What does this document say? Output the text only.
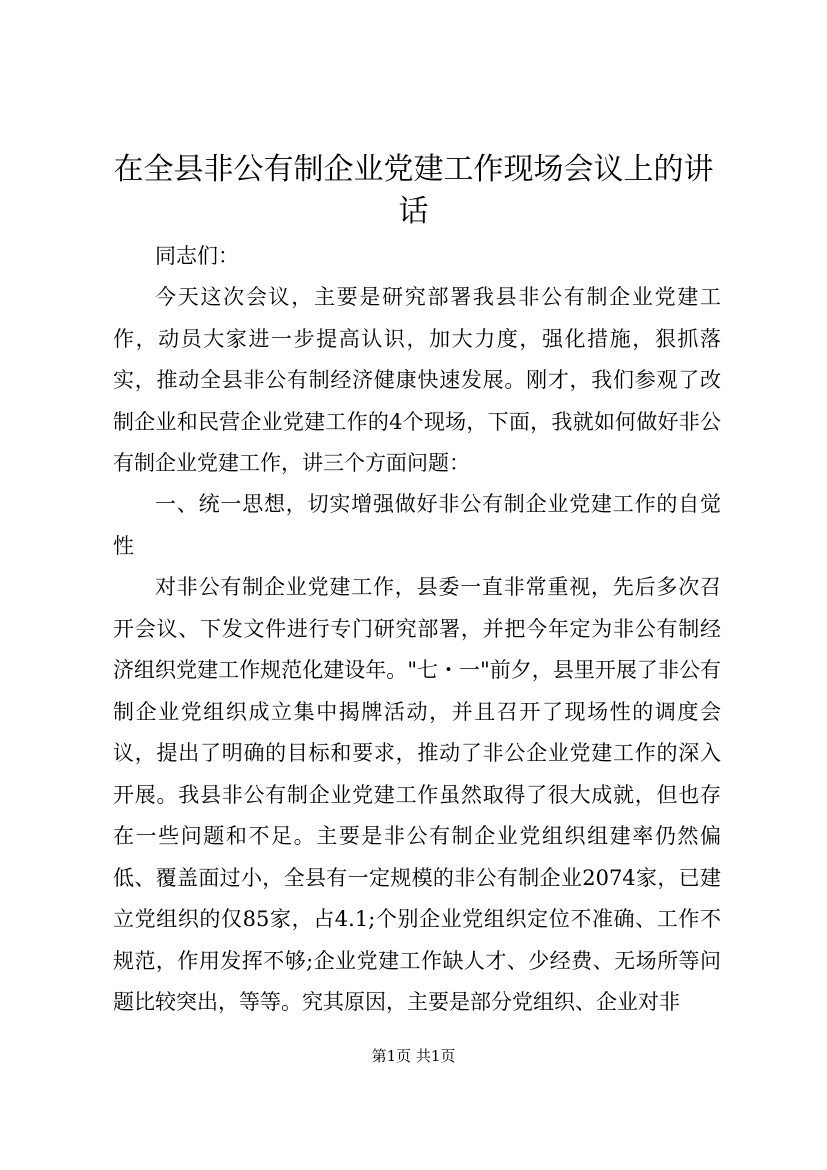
在全县非公有制企业党建工作现场会议上的讲
话

同志们：

今天这次会议，主要是研究部署我县非公有制企业党建工作，动员大家进一步提高认识，加大力度，强化措施，狠抓落实，推动全县非公有制经济健康快速发展。刚才，我们参观了改制企业和民营企业党建工作的4个现场，下面，我就如何做好非公有制企业党建工作，讲三个方面问题：

一、统一思想，切实增强做好非公有制企业党建工作的自觉性

对非公有制企业党建工作，县委一直非常重视，先后多次召开会议、下发文件进行专门研究部署，并把今年定为非公有制经济组织党建工作规范化建设年。"七・一"前夕，县里开展了非公有制企业党组织成立集中揭牌活动，并且召开了现场性的调度会议，提出了明确的目标和要求，推动了非公企业党建工作的深入开展。我县非公有制企业党建工作虽然取得了很大成就，但也存在一些问题和不足。主要是非公有制企业党组织组建率仍然偏低、覆盖面过小，全县有一定规模的非公有制企业2074家，已建立党组织的仅85家，占4.1;个别企业党组织定位不准确、工作不规范，作用发挥不够;企业党建工作缺人才、少经费、无场所等问题比较突出，等等。究其原因，主要是部分党组织、企业对非

第1页 共1页
